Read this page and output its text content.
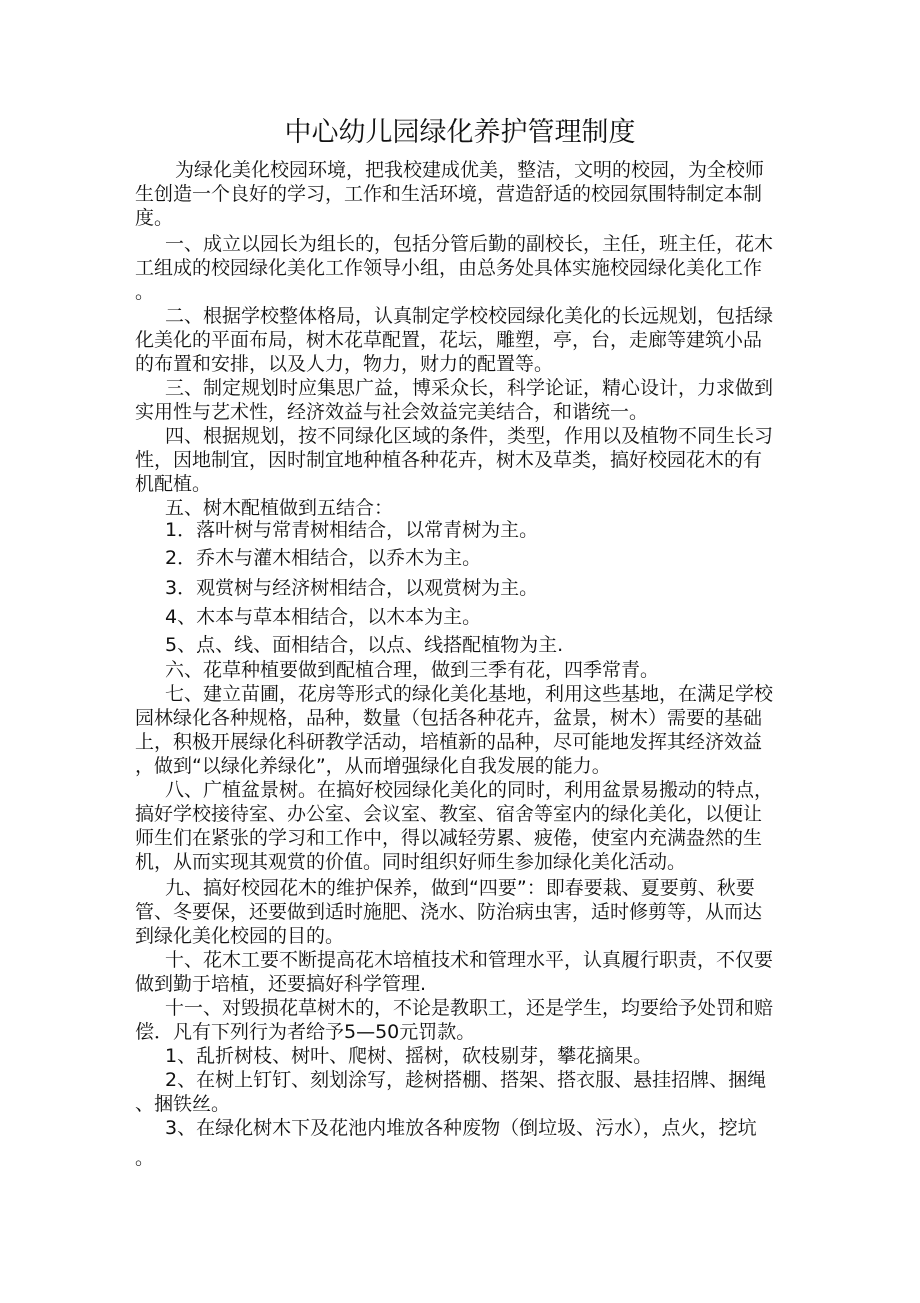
中心幼儿园绿化养护管理制度
为绿化美化校园环境，把我校建成优美，整洁，文明的校园，为全校师
生创造一个良好的学习，工作和生活环境，营造舒适的校园氛围特制定本制
度。
一、成立以园长为组长的，包括分管后勤的副校长，主任，班主任，花木
工组成的校园绿化美化工作领导小组，由总务处具体实施校园绿化美化工作
。
二、根据学校整体格局，认真制定学校校园绿化美化的长远规划，包括绿
化美化的平面布局，树木花草配置，花坛，雕塑，亭，台，走廊等建筑小品
的布置和安排，以及人力，物力，财力的配置等。
三、制定规划时应集思广益，博采众长，科学论证，精心设计，力求做到
实用性与艺术性，经济效益与社会效益完美结合，和谐统一。
四、根据规划，按不同绿化区域的条件，类型，作用以及植物不同生长习
性，因地制宜，因时制宜地种植各种花卉，树木及草类，搞好校园花木的有
机配植。
五、树木配植做到五结合：
1．落叶树与常青树相结合，以常青树为主。
2．乔木与灌木相结合，以乔木为主。
3．观赏树与经济树相结合，以观赏树为主。
4、木本与草本相结合，以木本为主。
5、点、线、面相结合，以点、线搭配植物为主.
六、花草种植要做到配植合理，做到三季有花，四季常青。
七、建立苗圃，花房等形式的绿化美化基地，利用这些基地，在满足学校
园林绿化各种规格，品种，数量（包括各种花卉，盆景，树木）需要的基础
上，积极开展绿化科研教学活动，培植新的品种，尽可能地发挥其经济效益
，做到“以绿化养绿化”，从而增强绿化自我发展的能力。
八、广植盆景树。在搞好校园绿化美化的同时，利用盆景易搬动的特点，
搞好学校接待室、办公室、会议室、教室、宿舍等室内的绿化美化，以便让
师生们在紧张的学习和工作中，得以减轻劳累、疲倦，使室内充满盎然的生
机，从而实现其观赏的价值。同时组织好师生参加绿化美化活动。
九、搞好校园花木的维护保养，做到“四要”：即春要栽、夏要剪、秋要
管、冬要保，还要做到适时施肥、浇水、防治病虫害，适时修剪等，从而达
到绿化美化校园的目的。
十、花木工要不断提高花木培植技术和管理水平，认真履行职责，不仅要
做到勤于培植，还要搞好科学管理.
十一、对毁损花草树木的，不论是教职工，还是学生，均要给予处罚和赔
偿．凡有下列行为者给予5—50元罚款。
1、乱折树枝、树叶、爬树、摇树，砍枝剔芽，攀花摘果。
2、在树上钉钉、刻划涂写，趁树搭棚、搭架、搭衣服、悬挂招牌、捆绳
、捆铁丝。
3、在绿化树木下及花池内堆放各种废物（倒垃圾、污水），点火，挖坑
。
